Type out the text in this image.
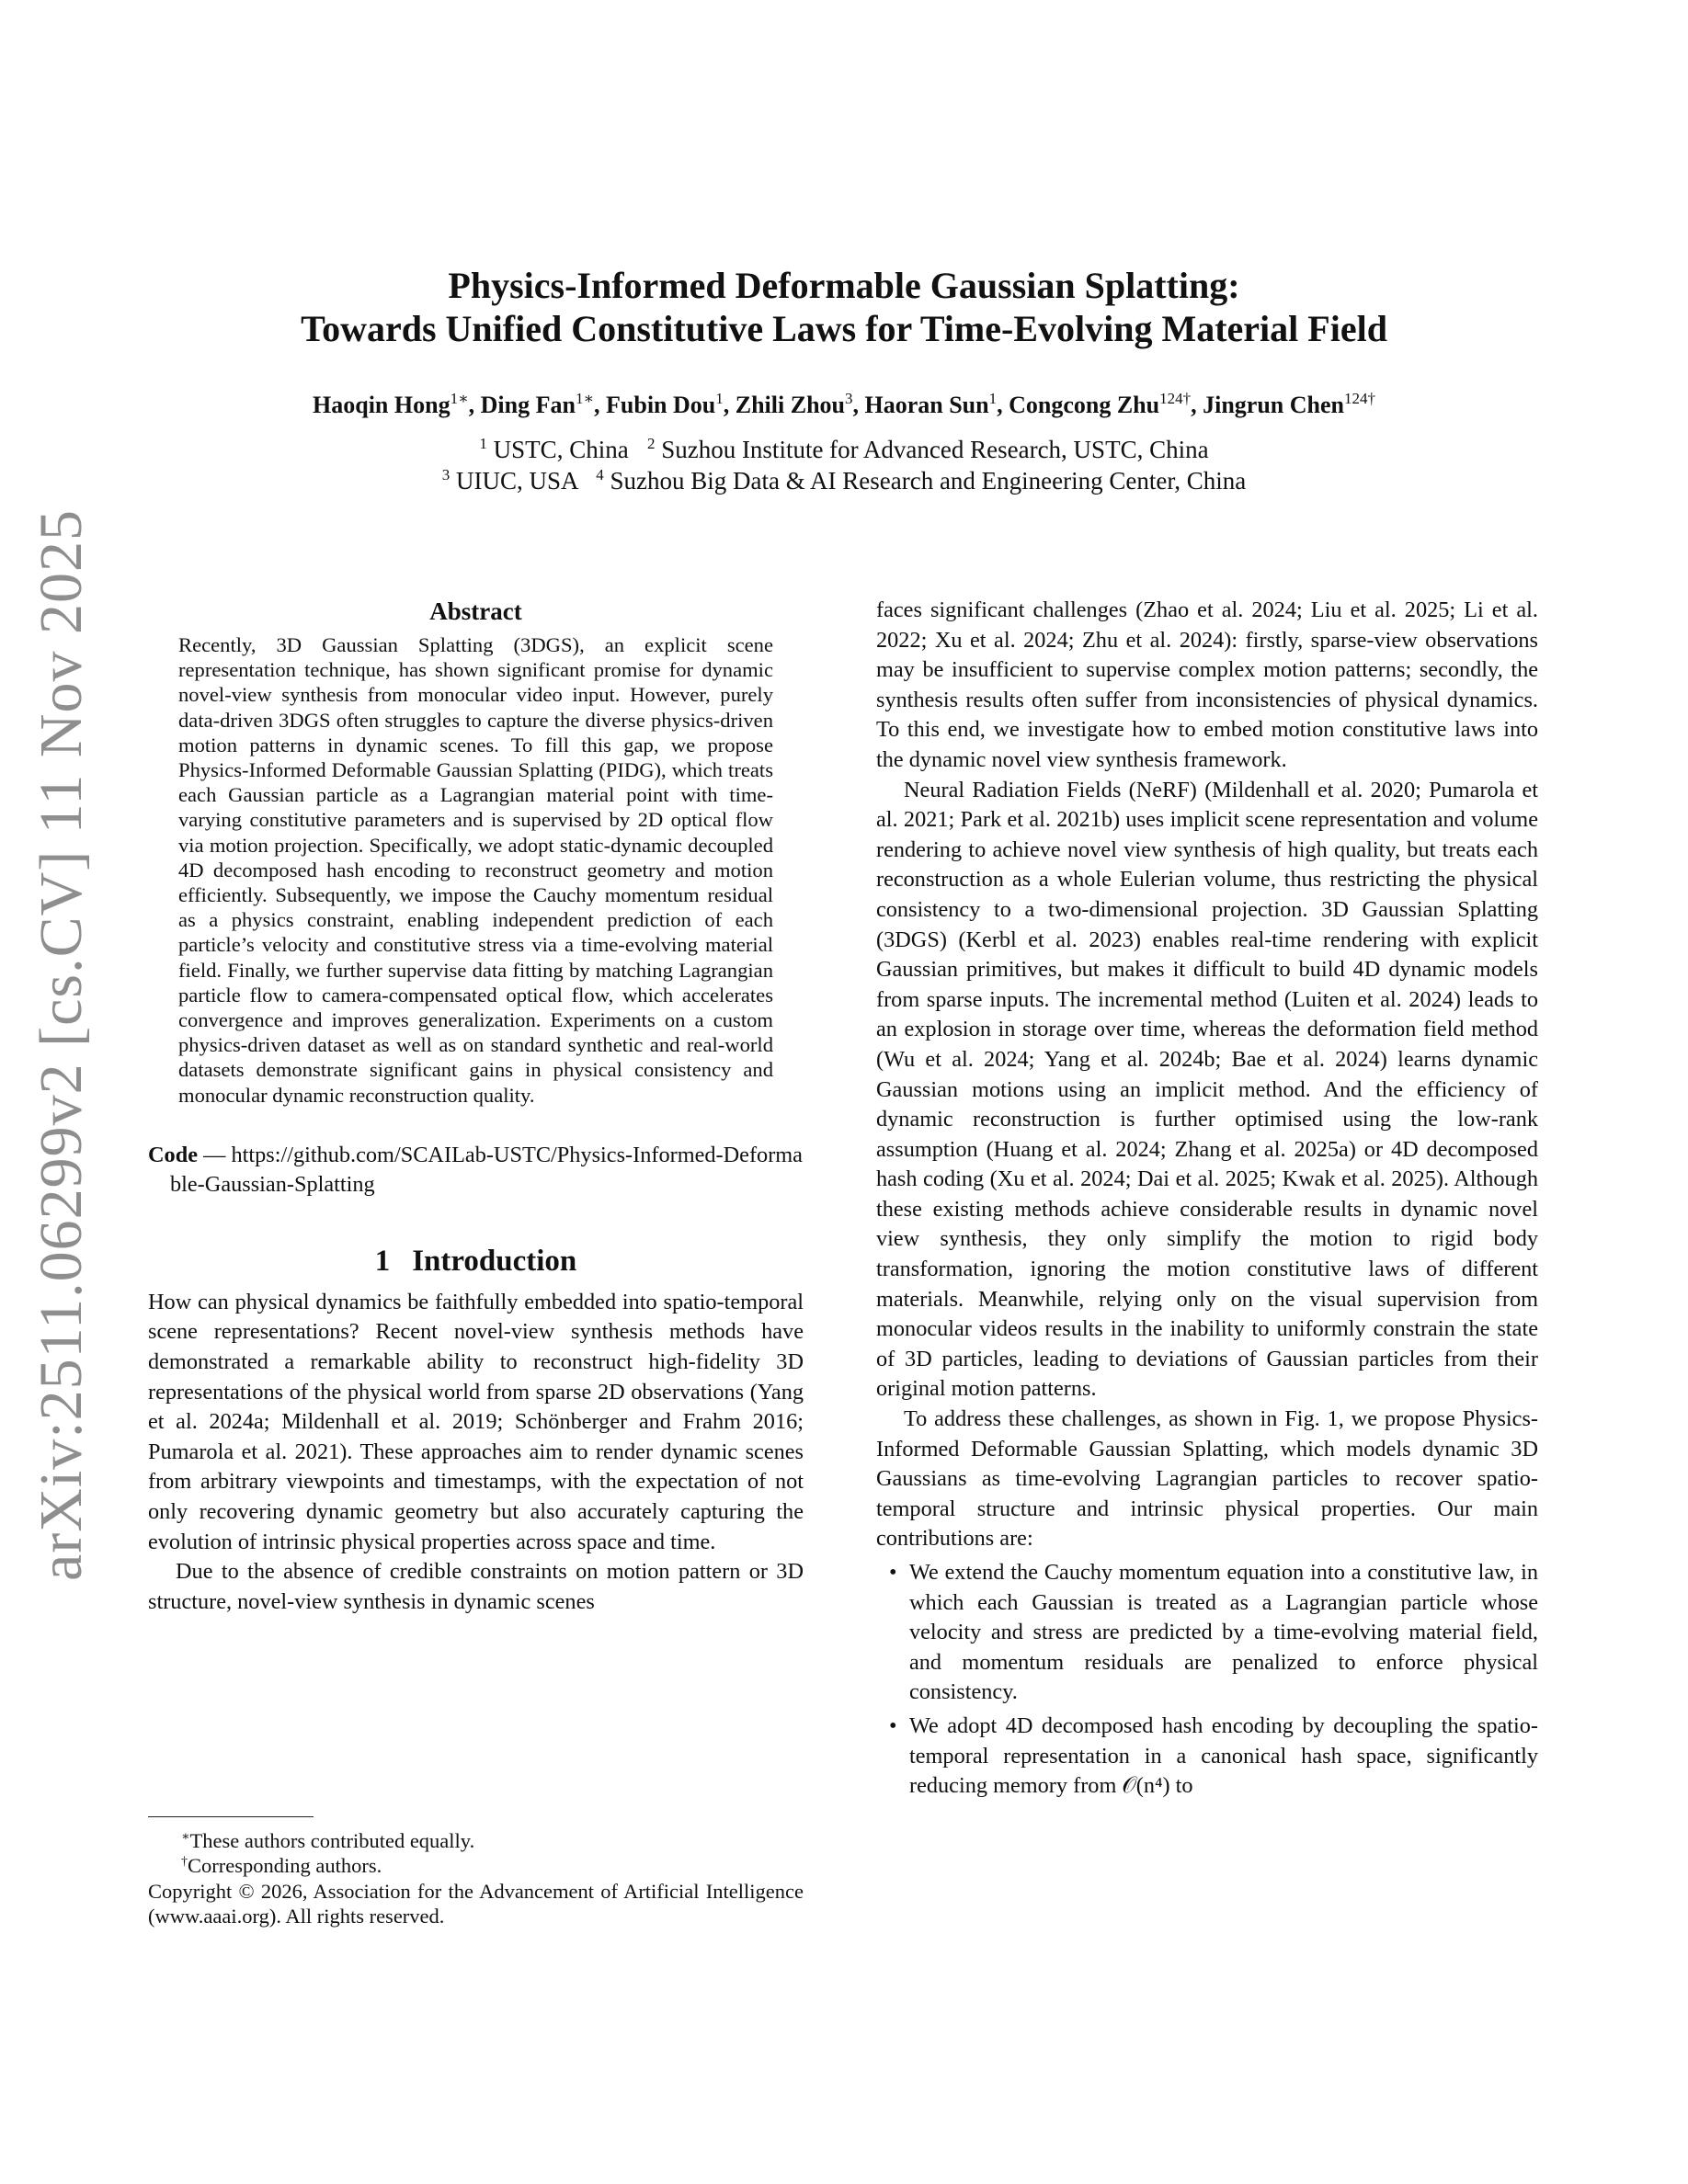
arXiv:2511.06299v2 [cs.CV] 11 Nov 2025
Physics-Informed Deformable Gaussian Splatting:
Towards Unified Constitutive Laws for Time-Evolving Material Field
Haoqin Hong$^{1∗}$, Ding Fan$^{1∗}$, Fubin Dou$^1$, Zhili Zhou$^3$, Haoran Sun$^1$, Congcong Zhu$^{124\dagger}$, Jingrun Chen$^{124\dagger}$
$^1$ USTC, China $^2$ Suzhou Institute for Advanced Research, USTC, China
$^3$ UIUC, USA $^4$ Suzhou Big Data & AI Research and Engineering Center, China
Abstract
Recently, 3D Gaussian Splatting (3DGS), an explicit scene representation technique, has shown significant promise for dynamic novel-view synthesis from monocular video input. However, purely data-driven 3DGS often struggles to capture the diverse physics-driven motion patterns in dynamic scenes. To fill this gap, we propose Physics-Informed Deformable Gaussian Splatting (PIDG), which treats each Gaussian particle as a Lagrangian material point with time-varying constitutive parameters and is supervised by 2D optical flow via motion projection. Specifically, we adopt static-dynamic decoupled 4D decomposed hash encoding to reconstruct geometry and motion efficiently. Subsequently, we impose the Cauchy momentum residual as a physics constraint, enabling independent prediction of each particle’s velocity and constitutive stress via a time-evolving material field. Finally, we further supervise data fitting by matching Lagrangian particle flow to camera-compensated optical flow, which accelerates convergence and improves generalization. Experiments on a custom physics-driven dataset as well as on standard synthetic and real-world datasets demonstrate significant gains in physical consistency and monocular dynamic reconstruction quality.
Code — https://github.com/SCAILab-USTC/Physics-Informed-Deformable-Gaussian-Splatting
1 Introduction

How can physical dynamics be faithfully embedded into spatio-temporal scene representations? Recent novel-view synthesis methods have demonstrated a remarkable ability to reconstruct high-fidelity 3D representations of the physical world from sparse 2D observations (Yang et al. 2024a; Mildenhall et al. 2019; Schönberger and Frahm 2016; Pumarola et al. 2021). These approaches aim to render dynamic scenes from arbitrary viewpoints and timestamps, with the expectation of not only recovering dynamic geometry but also accurately capturing the evolution of intrinsic physical properties across space and time.

Due to the absence of credible constraints on motion pattern or 3D structure, novel-view synthesis in dynamic scenes

∗These authors contributed equally.
†Corresponding authors.
Copyright © 2026, Association for the Advancement of Artificial Intelligence (www.aaai.org). All rights reserved.

faces significant challenges (Zhao et al. 2024; Liu et al. 2025; Li et al. 2022; Xu et al. 2024; Zhu et al. 2024): firstly, sparse-view observations may be insufficient to supervise complex motion patterns; secondly, the synthesis results often suffer from inconsistencies of physical dynamics. To this end, we investigate how to embed motion constitutive laws into the dynamic novel view synthesis framework.

Neural Radiation Fields (NeRF) (Mildenhall et al. 2020; Pumarola et al. 2021; Park et al. 2021b) uses implicit scene representation and volume rendering to achieve novel view synthesis of high quality, but treats each reconstruction as a whole Eulerian volume, thus restricting the physical consistency to a two-dimensional projection. 3D Gaussian Splatting (3DGS) (Kerbl et al. 2023) enables real-time rendering with explicit Gaussian primitives, but makes it difficult to build 4D dynamic models from sparse inputs. The incremental method (Luiten et al. 2024) leads to an explosion in storage over time, whereas the deformation field method (Wu et al. 2024; Yang et al. 2024b; Bae et al. 2024) learns dynamic Gaussian motions using an implicit method. And the efficiency of dynamic reconstruction is further optimised using the low-rank assumption (Huang et al. 2024; Zhang et al. 2025a) or 4D decomposed hash coding (Xu et al. 2024; Dai et al. 2025; Kwak et al. 2025). Although these existing methods achieve considerable results in dynamic novel view synthesis, they only simplify the motion to rigid body transformation, ignoring the motion constitutive laws of different materials. Meanwhile, relying only on the visual supervision from monocular videos results in the inability to uniformly constrain the state of 3D particles, leading to deviations of Gaussian particles from their original motion patterns.

To address these challenges, as shown in Fig. 1, we propose Physics-Informed Deformable Gaussian Splatting, which models dynamic 3D Gaussians as time-evolving Lagrangian particles to recover spatio-temporal structure and intrinsic physical properties. Our main contributions are:

• We extend the Cauchy momentum equation into a constitutive law, in which each Gaussian is treated as a Lagrangian particle whose velocity and stress are predicted by a time-evolving material field, and momentum residuals are penalized to enforce physical consistency.
• We adopt 4D decomposed hash encoding by decoupling the spatio-temporal representation in a canonical hash space, significantly reducing memory from 𝒪(n⁴) to
